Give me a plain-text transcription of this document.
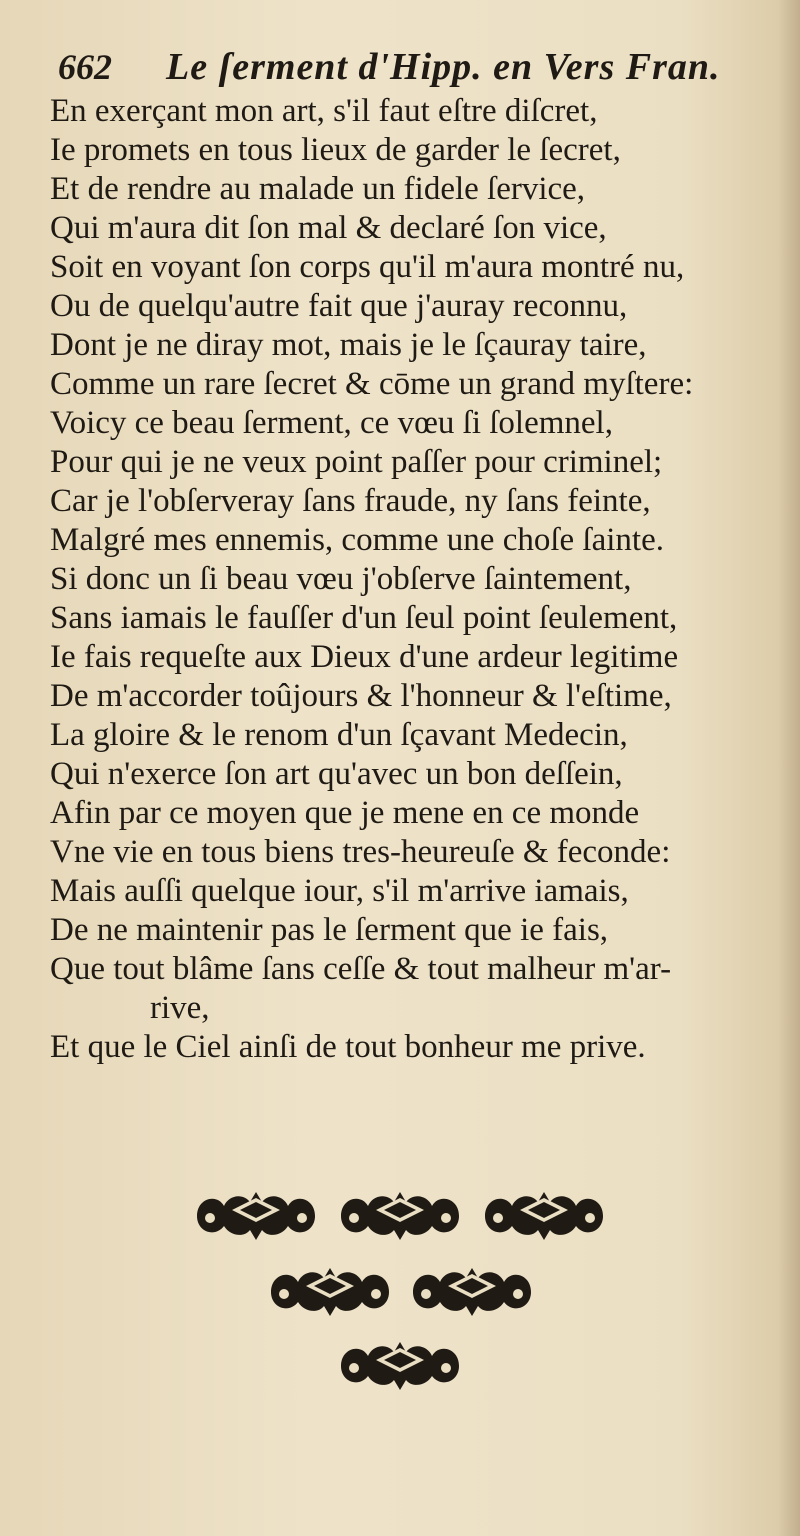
662 Le ſerment d'Hipp. en Vers Fran.
En exerçant mon art, s'il faut eſtre diſcret,
Ie promets en tous lieux de garder le ſecret,
Et de rendre au malade un fidele ſervice,
Qui m'aura dit ſon mal & declaré ſon vice,
Soit en voyant ſon corps qu'il m'aura montré nu,
Ou de quelqu'autre fait que j'auray reconnu,
Dont je ne diray mot, mais je le ſçauray taire,
Comme un rare ſecret & cōme un grand myſtere:
Voicy ce beau ſerment, ce vœu ſi ſolemnel,
Pour qui je ne veux point paſſer pour criminel;
Car je l'obſerveray ſans fraude, ny ſans feinte,
Malgré mes ennemis, comme une choſe ſainte.
Si donc un ſi beau vœu j'obſerve ſaintement,
Sans iamais le fauſſer d'un ſeul point ſeulement,
Ie fais requeſte aux Dieux d'une ardeur legitime
De m'accorder toûjours & l'honneur & l'eſtime,
La gloire & le renom d'un ſçavant Medecin,
Qui n'exerce ſon art qu'avec un bon deſſein,
Afin par ce moyen que je mene en ce monde
Vne vie en tous biens tres-heureuſe & feconde:
Mais auſſi quelque iour, s'il m'arrive iamais,
De ne maintenir pas le ſerment que ie fais,
Que tout blâme ſans ceſſe & tout malheur m'ar-
rive,
Et que le Ciel ainſi de tout bonheur me prive.
